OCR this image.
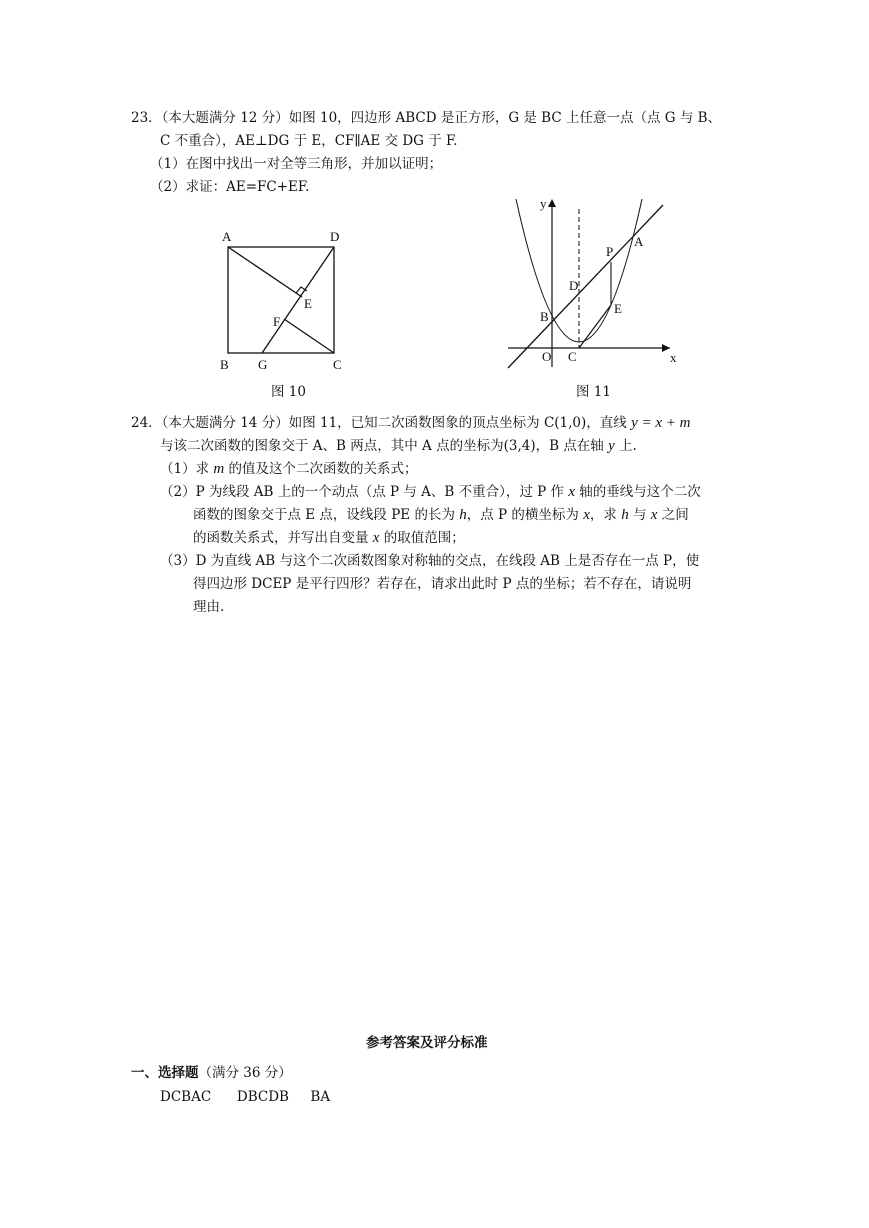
23．（本大题满分 12 分）如图 10，四边形 ABCD 是正方形，G 是 BC 上任意一点（点 G 与 B、
C 不重合），AE⊥DG 于 E，CF∥AE 交 DG 于 F.
（1）在图中找出一对全等三角形，并加以证明；
（2）求证：AE=FC+EF.
A	D
B G	C
E
F
图 10
y
x
O C
B
D
P
A
E
图 11
24．（本大题满分 14 分）如图 11，已知二次函数图象的顶点坐标为 C(1,0)，直线 y = x + m
与该二次函数的图象交于 A、B 两点，其中 A 点的坐标为(3,4)，B 点在轴 y 上.
（1）求 m 的值及这个二次函数的关系式；
（2）P 为线段 AB 上的一个动点（点 P 与 A、B 不重合），过 P 作 x 轴的垂线与这个二次
函数的图象交于点 E 点，设线段 PE 的长为 h，点 P 的横坐标为 x，求 h 与 x 之间
的函数关系式，并写出自变量 x 的取值范围；
（3）D 为直线 AB 与这个二次函数图象对称轴的交点，在线段 AB 上是否存在一点 P，使
得四边形 DCEP 是平行四形？若存在，请求出此时 P 点的坐标；若不存在，请说明
理由.
参考答案及评分标准
一、选择题（满分 36 分）
DCBAC      DBCDB     BA
